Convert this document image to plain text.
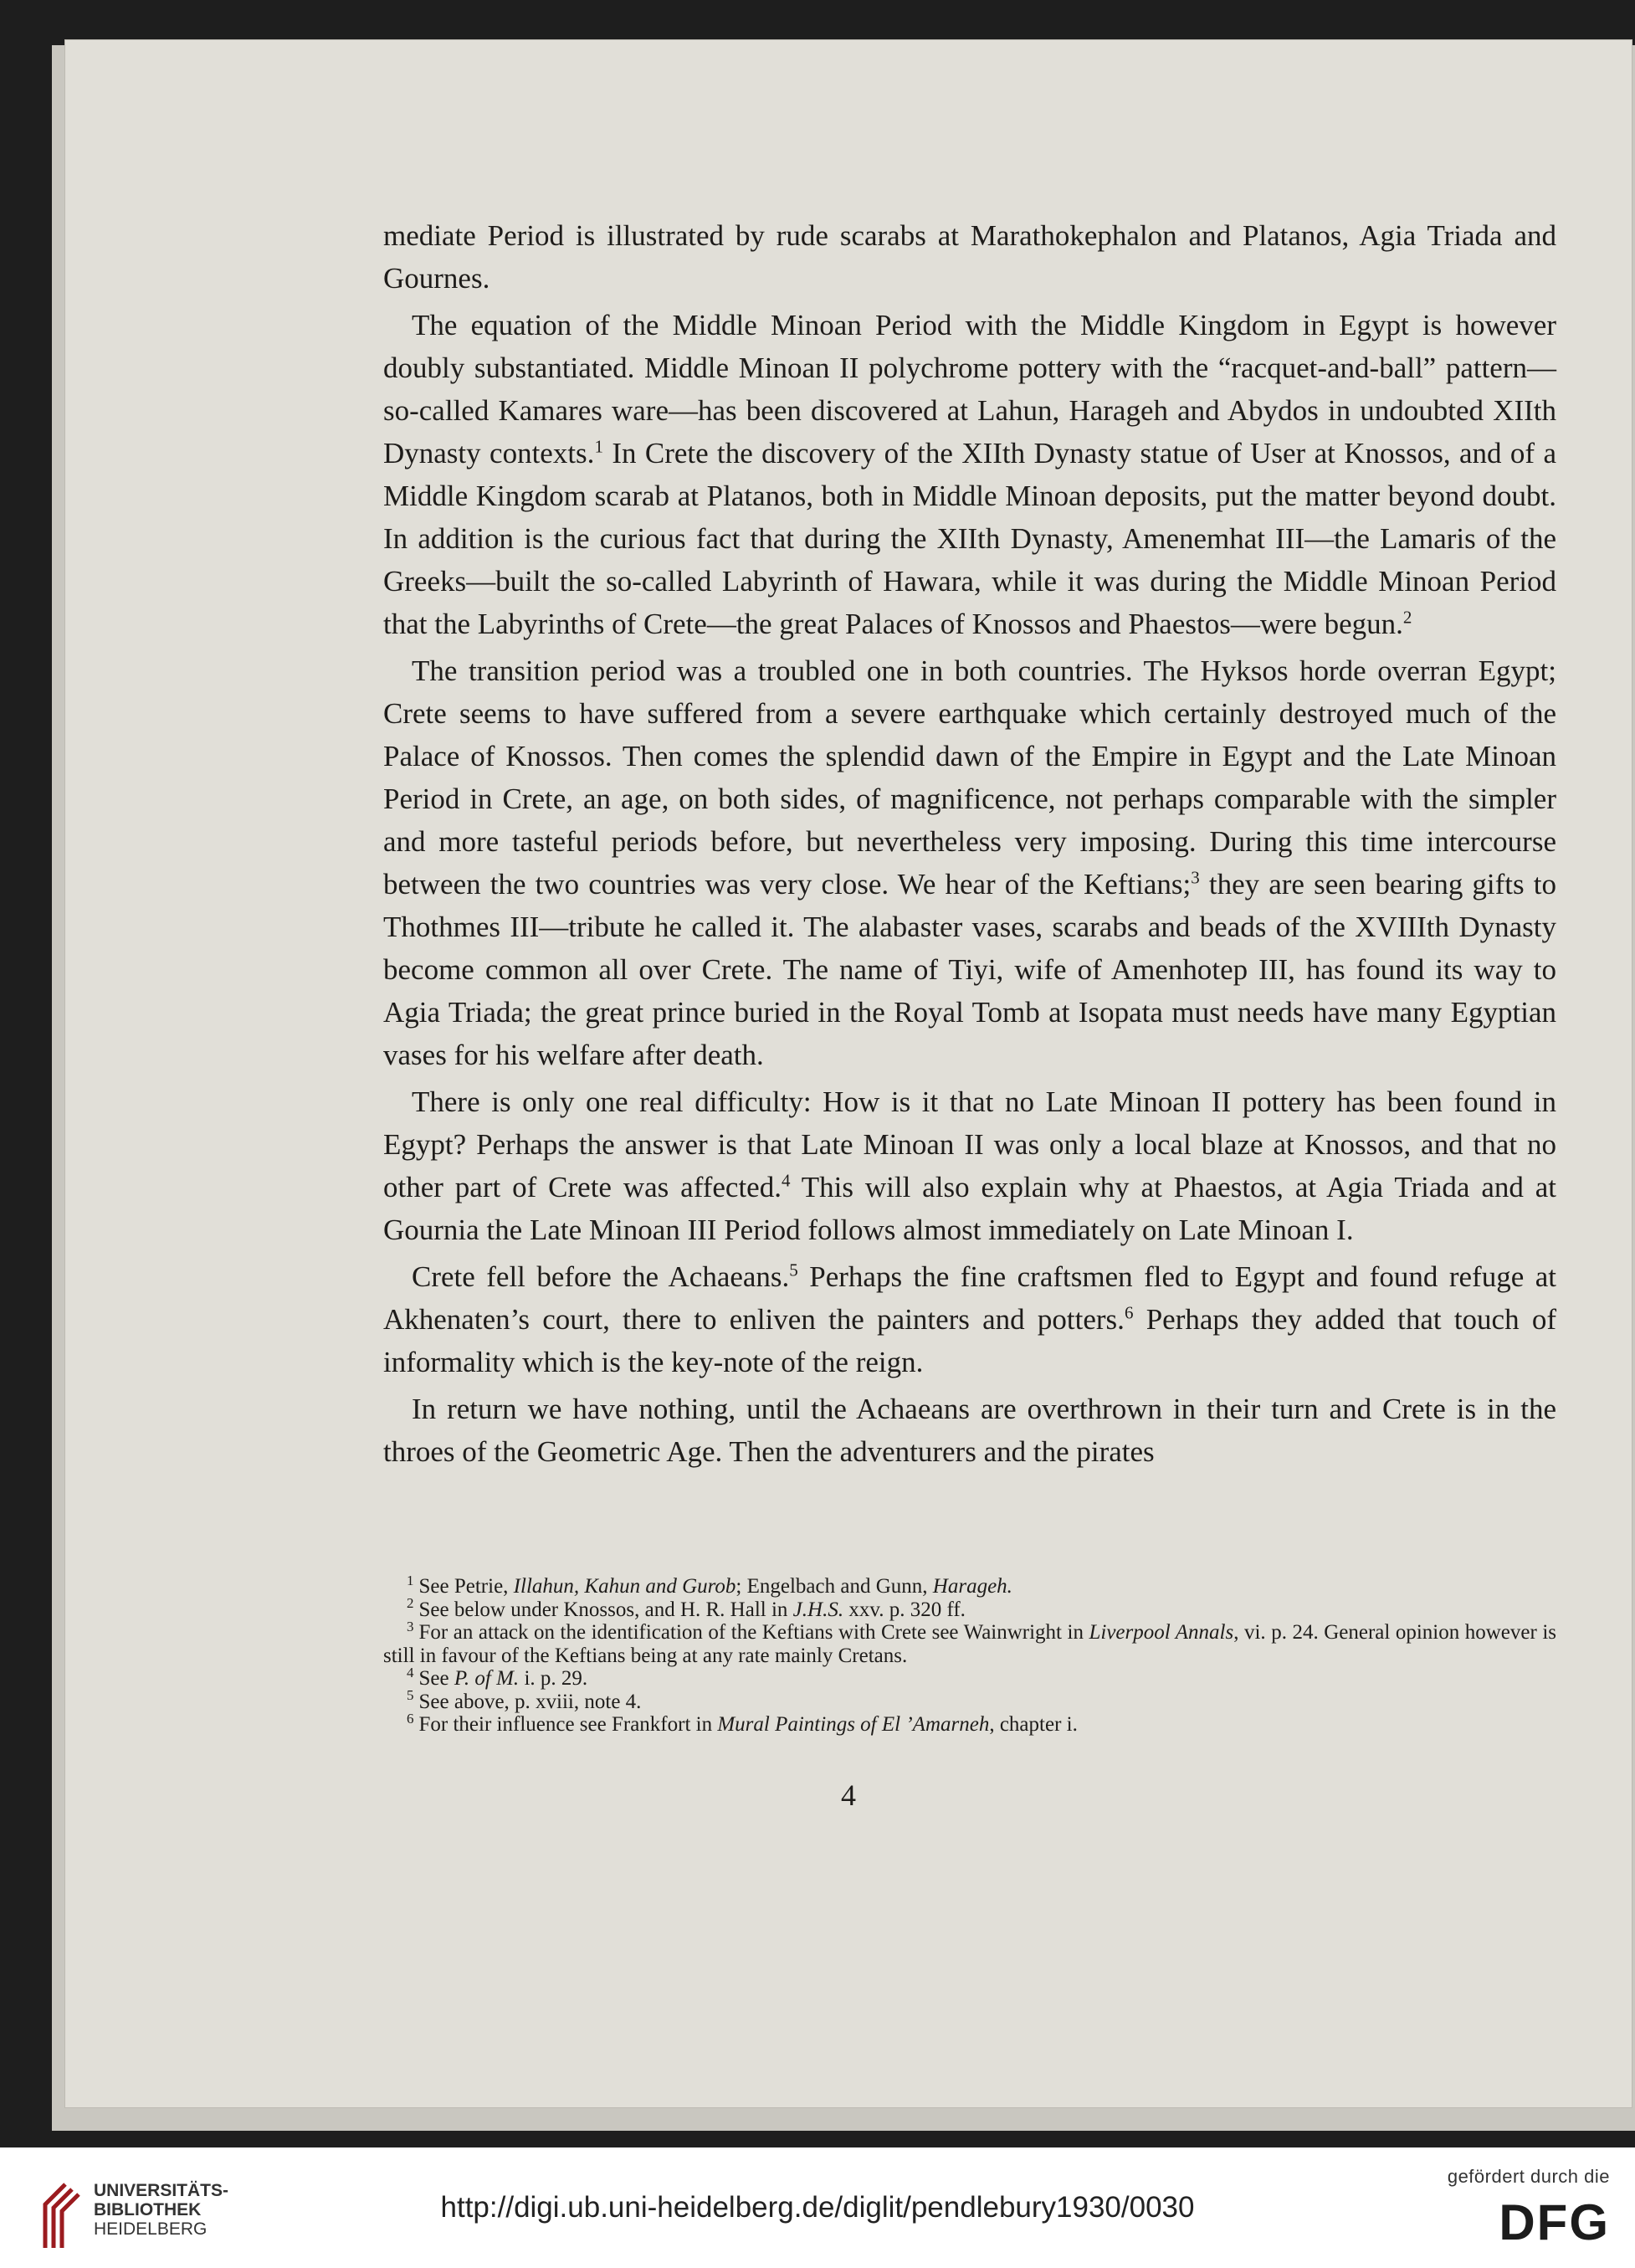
mediate Period is illustrated by rude scarabs at Marathokephalon and Platanos, Agia Triada and Gournes.

The equation of the Middle Minoan Period with the Middle Kingdom in Egypt is however doubly substantiated. Middle Minoan II polychrome pottery with the “racquet-and-ball” pattern—so-called Kamares ware—has been discovered at Lahun, Harageh and Abydos in undoubted XIIth Dynasty contexts.$^1$ In Crete the discovery of the XIIth Dynasty statue of User at Knossos, and of a Middle Kingdom scarab at Platanos, both in Middle Minoan deposits, put the matter beyond doubt. In addition is the curious fact that during the XIIth Dynasty, Amenemhat III—the Lamaris of the Greeks—built the so-called Labyrinth of Hawara, while it was during the Middle Minoan Period that the Labyrinths of Crete—the great Palaces of Knossos and Phaestos—were begun.$^2$

The transition period was a troubled one in both countries. The Hyksos horde overran Egypt; Crete seems to have suffered from a severe earthquake which certainly destroyed much of the Palace of Knossos. Then comes the splendid dawn of the Empire in Egypt and the Late Minoan Period in Crete, an age, on both sides, of magnificence, not perhaps comparable with the simpler and more tasteful periods before, but nevertheless very imposing. During this time intercourse between the two countries was very close. We hear of the Keftians;$^3$ they are seen bearing gifts to Thothmes III—tribute he called it. The alabaster vases, scarabs and beads of the XVIIIth Dynasty become common all over Crete. The name of Tiyi, wife of Amenhotep III, has found its way to Agia Triada; the great prince buried in the Royal Tomb at Isopata must needs have many Egyptian vases for his welfare after death.

There is only one real difficulty: How is it that no Late Minoan II pottery has been found in Egypt? Perhaps the answer is that Late Minoan II was only a local blaze at Knossos, and that no other part of Crete was affected.$^4$ This will also explain why at Phaestos, at Agia Triada and at Gournia the Late Minoan III Period follows almost immediately on Late Minoan I.

Crete fell before the Achaeans.$^5$ Perhaps the fine craftsmen fled to Egypt and found refuge at Akhenaten’s court, there to enliven the painters and potters.$^6$ Perhaps they added that touch of informality which is the key-note of the reign.

In return we have nothing, until the Achaeans are overthrown in their turn and Crete is in the throes of the Geometric Age. Then the adventurers and the pirates

$^1$ See Petrie, Illahun, Kahun and Gurob; Engelbach and Gunn, Harageh.

$^2$ See below under Knossos, and H. R. Hall in J.H.S. xxv. p. 320 ff.

$^3$ For an attack on the identification of the Keftians with Crete see Wainwright in Liverpool Annals, vi. p. 24. General opinion however is still in favour of the Keftians being at any rate mainly Cretans.

$^4$ See P. of M. i. p. 29.

$^5$ See above, p. xviii, note 4.

$^6$ For their influence see Frankfort in Mural Paintings of El ’Amarneh, chapter i.

4
UNIVERSITÄTS-
BIBLIOTHEK
HEIDELBERG
http://digi.ub.uni-heidelberg.de/diglit/pendlebury1930/0030
gefördert durch die
DFG
